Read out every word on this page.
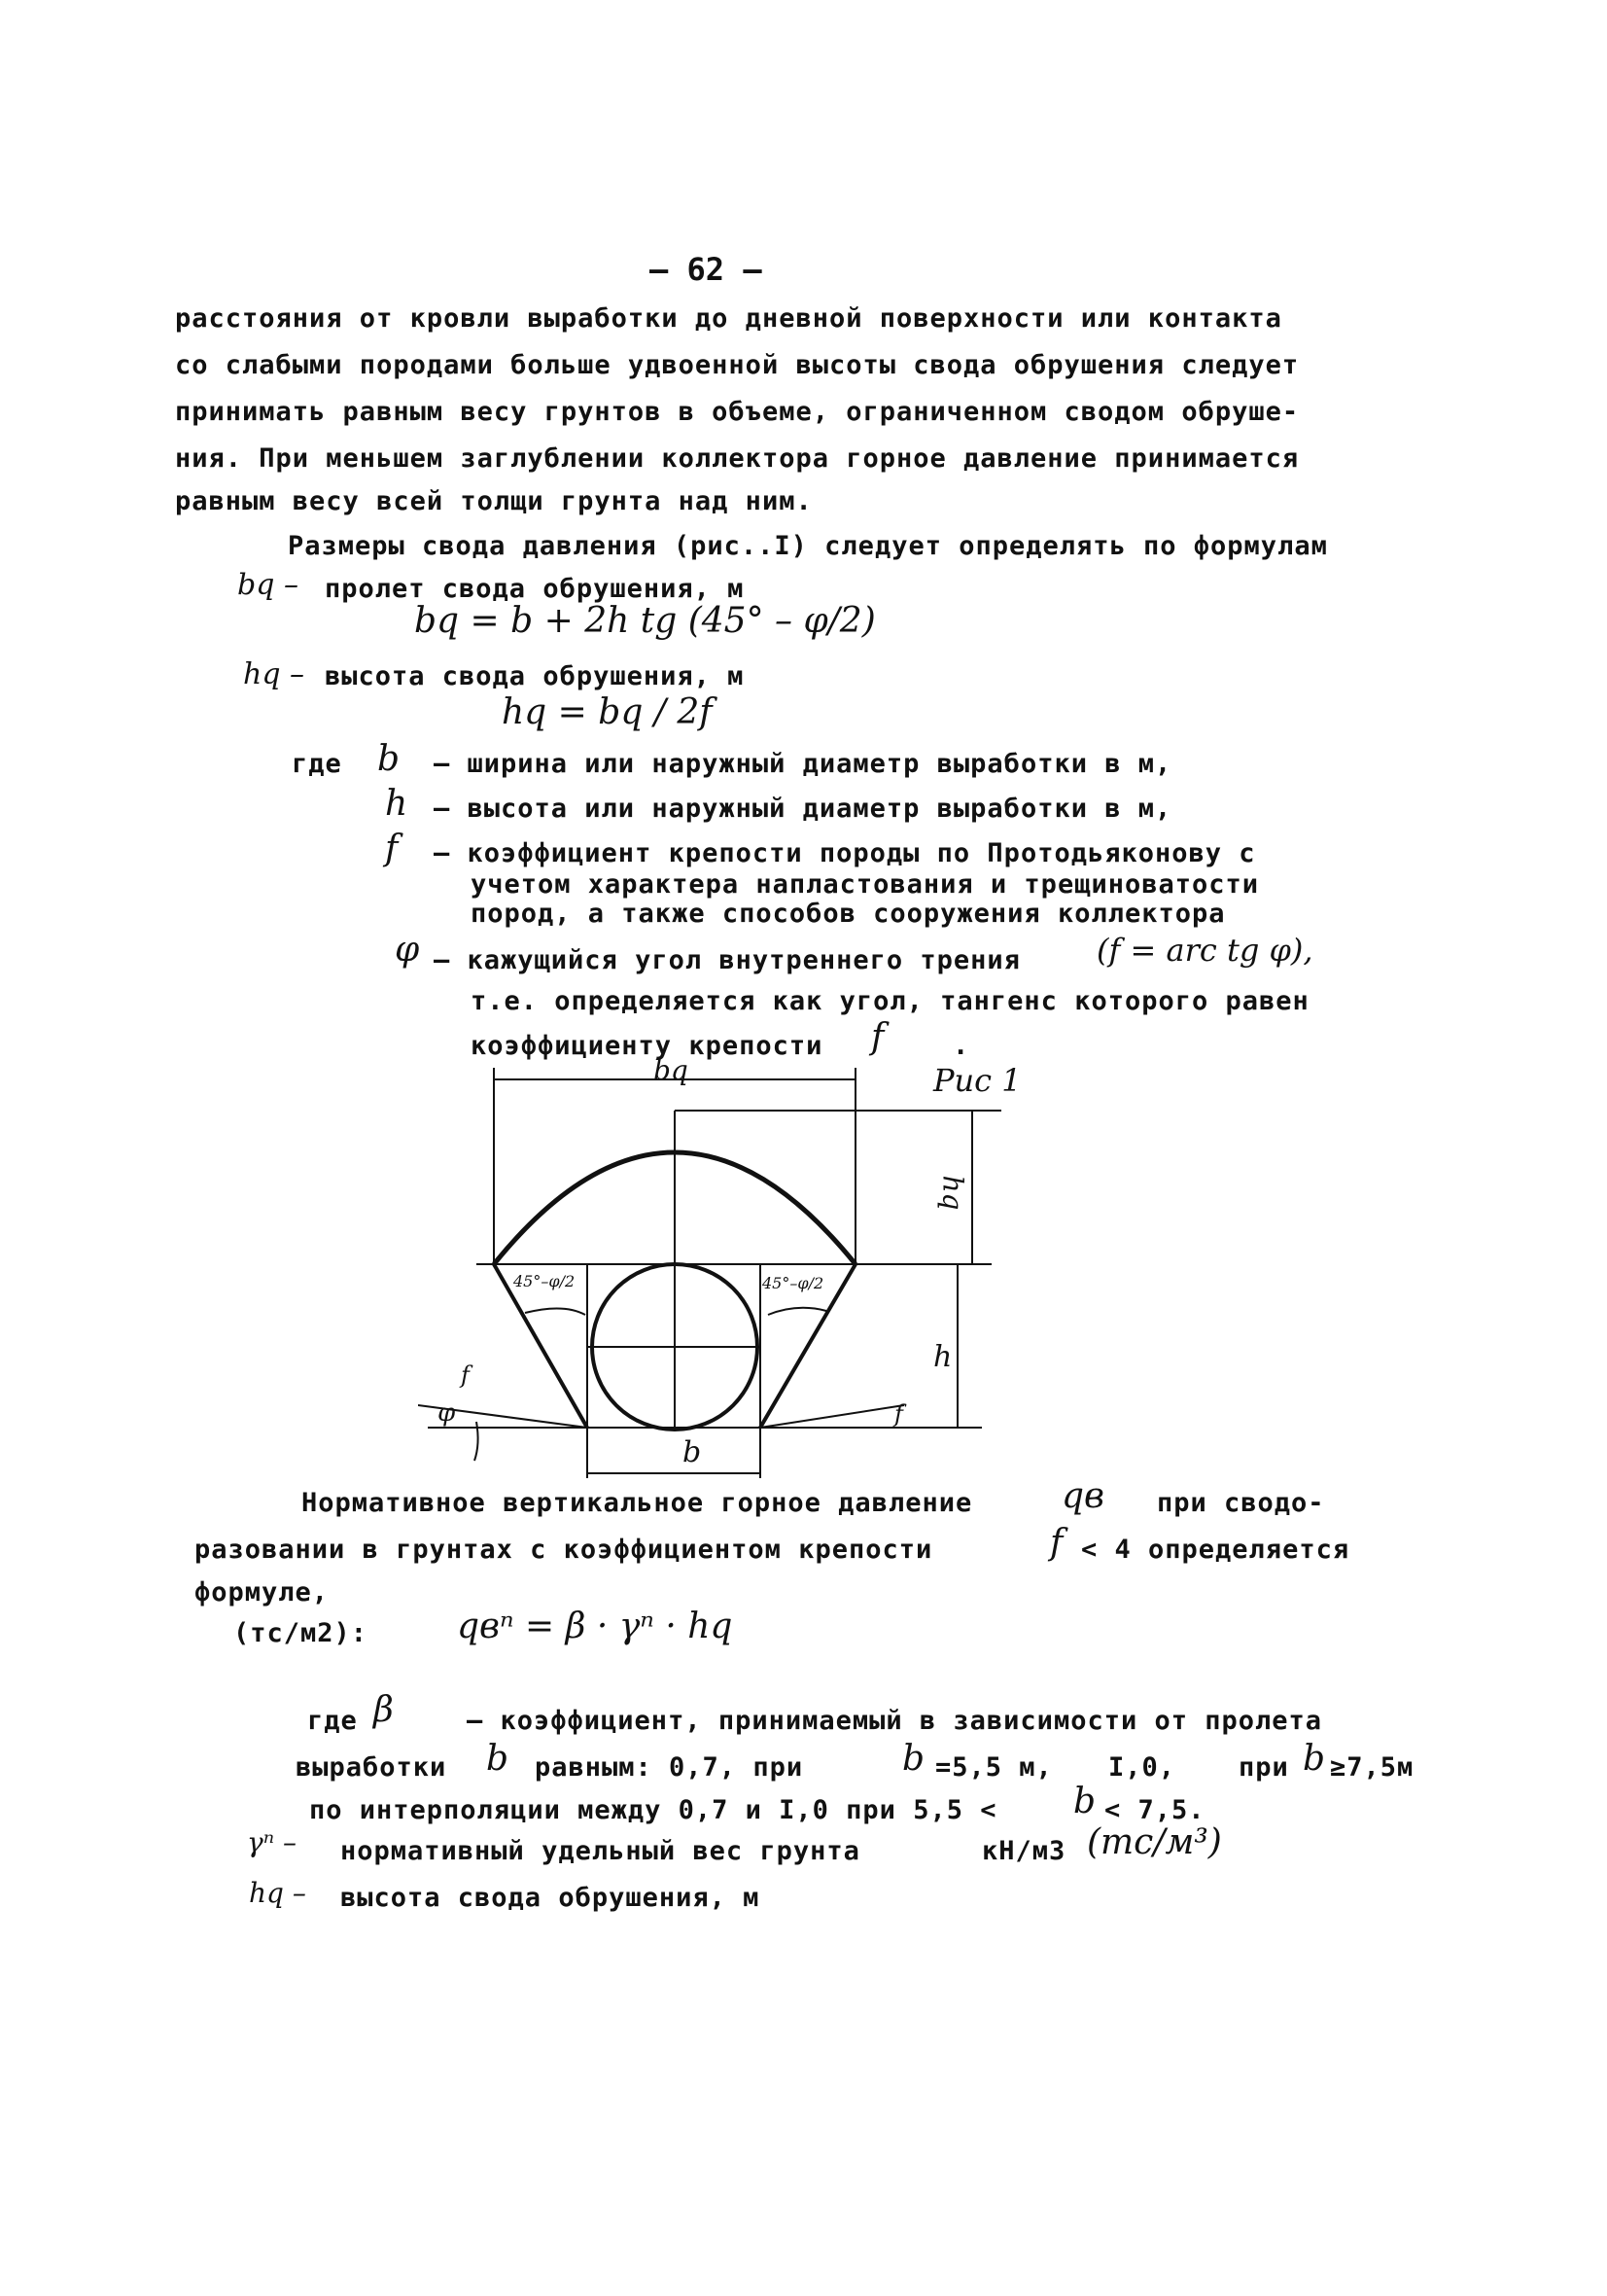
– 62 –
расстояния от кровли выработки до дневной поверхности или контакта
со слабыми породами больше удвоенной высоты свода обрушения следует
принимать равным весу грунтов в объеме, ограниченном сводом обруше-
ния. При меньшем заглублении коллектора горное давление принимается
равным весу всей толщи грунта над ним.
Размеры свода давления (рис..I) следует определять по формулам
bq – пролет свода обрушения, м
bq = b + 2h tg (45° – φ/2)
hq – высота свода обрушения, м
hq = bq / 2f
где b – ширина или наружный диаметр выработки в м,
h – высота или наружный диаметр выработки в м,
f – коэффициент крепости породы по Протодьяконову с
учетом характера напластования и трещиноватости
пород, а также способов сооружения коллектора
φ – кажущийся угол внутреннего трения (f = arc tg φ),
т.е. определяется как угол, тангенс которого равен
коэффициенту крепости f	.
bq	Рис 1
hq
h
b
45°–φ/2	45°–φ/2
φ
f
f
Нормативное вертикальное горное давление	qв при сводо-
разовании в грунтах с коэффициентом крепости	f < 4 определяется
формуле,
(тс/м2):	qвⁿ = β · γⁿ · hq
где β	– коэффициент, принимаемый в зависимости от пролета
выработки b равным: 0,7, при	b =5,5 м, I,0, при b ≥7,5м
по интерполяции между 0,7 и I,0 при 5,5 < b < 7,5.
γⁿ – нормативный удельный вес грунта	кН/м3 (тс/м³)
hq – высота свода обрушения, м
